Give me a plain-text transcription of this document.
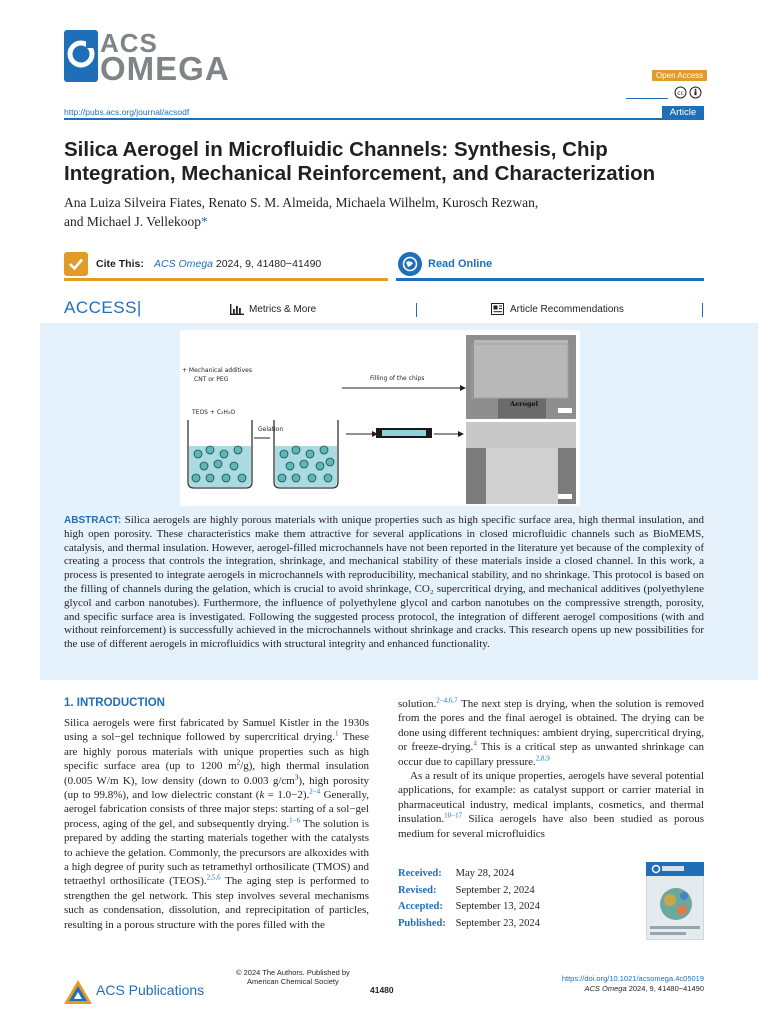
ACS
OMEGA	Open Access
cc
http://pubs.acs.org/journal/acsodf	Article
Silica Aerogel in Microfluidic Channels: Synthesis, Chip Integration, Mechanical Reinforcement, and Characterization
Ana Luiza Silveira Fiates, Renato S. M. Almeida, Michaela Wilhelm, Kurosch Rezwan,
and Michael J. Vellekoop*
Cite This: ACS Omega 2024, 9, 41480−41490	Read Online
ACCESS|	Metrics & More	Article Recommendations
+ Mechanical additives
CNT or PEG
TEOS + C₂H₅O
Gelation
Filling of the chips
Aerogel
ABSTRACT: Silica aerogels are highly porous materials with unique properties such as high specific surface area, high thermal insulation, and high open porosity. These characteristics make them attractive for several applications in closed microfluidic channels such as BioMEMS, catalysis, and thermal insulation. However, aerogel-filled microchannels have not been reported in the literature yet because of the complexity of creating a process that controls the integration, shrinkage, and mechanical stability of these materials inside a closed channel. In this work, a process is presented to integrate aerogels in microchannels with reproducibility, mechanical stability, and no shrinkage. This protocol is based on the filling of channels during the gelation, which is crucial to avoid shrinkage, CO₂ supercritical drying, and mechanical additives (polyethylene glycol and carbon nanotubes). Furthermore, the influence of polyethylene glycol and carbon nanotubes on the compressive strength, porosity, and specific surface area is investigated. Following the suggested process protocol, the integration of different aerogel compositions (with and without reinforcement) is successfully achieved in the microchannels without shrinkage and cracks. This research opens up new possibilities for the use of different aerogels in microfluidics with structural integrity and enhanced functionality.
1. INTRODUCTION
Silica aerogels were first fabricated by Samuel Kistler in the 1930s using a sol−gel technique followed by supercritical drying.$^1$ These are highly porous materials with unique properties such as high specific surface area (up to 1200 $m^2/g$), high thermal insulation (0.005 W/m K), low density (down to 0.003 $g/cm^3$), high porosity (up to 99.8%), and low dielectric constant (k = 1.0−2).$^{2-4}$ Generally, aerogel fabrication consists of three major steps: starting of a sol−gel process, aging of the gel, and subsequently drying.$^{1-6}$ The solution is prepared by adding the starting materials together with the catalysts to achieve the gelation. Commonly, the precursors are alkoxides with a high degree of purity such as tetramethyl orthosilicate (TMOS) and tetraethyl orthosilicate (TEOS).$^{2,5,6}$ The aging step is performed to strengthen the gel network. This step involves several mechanisms such as condensation, dissolution, and reprecipitation of particles, resulting in a porous structure with the pores filled with the
solution.$^{2-4,6,7}$ The next step is drying, when the solution is removed from the pores and the final aerogel is obtained. The drying can be done using different techniques: ambient drying, supercritical drying, or freeze-drying.$^4$ This is a critical step as unwanted shrinkage can occur due to capillary pressure.$^{2,8,9}$
As a result of its unique properties, aerogels have several potential applications, for example: as catalyst support or carrier material in pharmaceutical industry, medical implants, cosmetics, and thermal insulation.$^{10-17}$ Silica aerogels have also been studied as porous medium for several microfluidics
Received: May 28, 2024
Revised: September 2, 2024
Accepted: September 13, 2024
Published: September 23, 2024
ACS Publications
© 2024 The Authors. Published by
American Chemical Society
41480
https://doi.org/10.1021/acsomega.4c05019
ACS Omega 2024, 9, 41480−41490
